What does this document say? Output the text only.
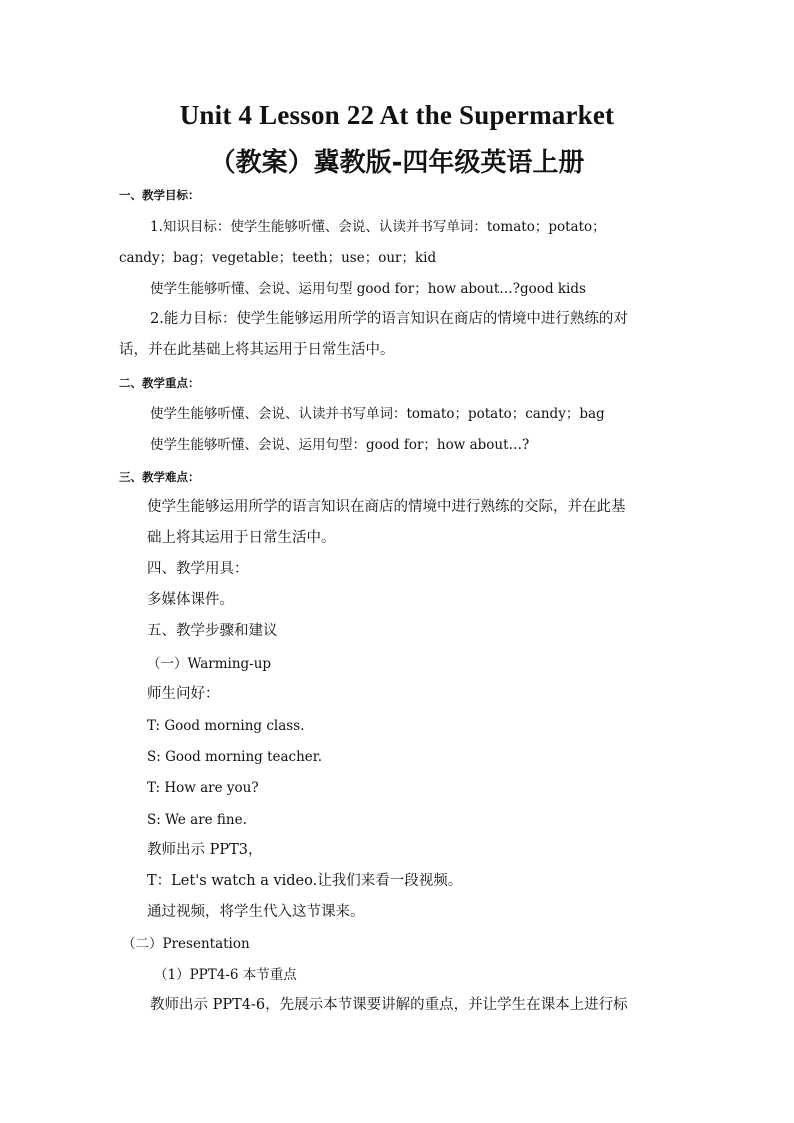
Unit 4 Lesson 22 At the Supermarket
（教案）冀教版-四年级英语上册
一、教学目标：
1.知识目标：使学生能够听懂、会说、认读并书写单词：tomato；potato；
candy；bag；vegetable；teeth；use；our；kid
使学生能够听懂、会说、运用句型 good for；how about…?good kids
2.能力目标：使学生能够运用所学的语言知识在商店的情境中进行熟练的对
话，并在此基础上将其运用于日常生活中。
二、教学重点：
使学生能够听懂、会说、认读并书写单词：tomato；potato；candy；bag
使学生能够听懂、会说、运用句型：good for；how about…?
三、教学难点：
使学生能够运用所学的语言知识在商店的情境中进行熟练的交际，并在此基
础上将其运用于日常生活中。
四、教学用具：
多媒体课件。
五、教学步骤和建议
（一）Warming-up
师生问好：
T: Good morning class.
S: Good morning teacher.
T: How are you?
S: We are fine.
教师出示 PPT3，
T：Let's watch a video.让我们来看一段视频。
通过视频，将学生代入这节课来。
（二）Presentation
（1）PPT4-6 本节重点
教师出示 PPT4-6，先展示本节课要讲解的重点，并让学生在课本上进行标
